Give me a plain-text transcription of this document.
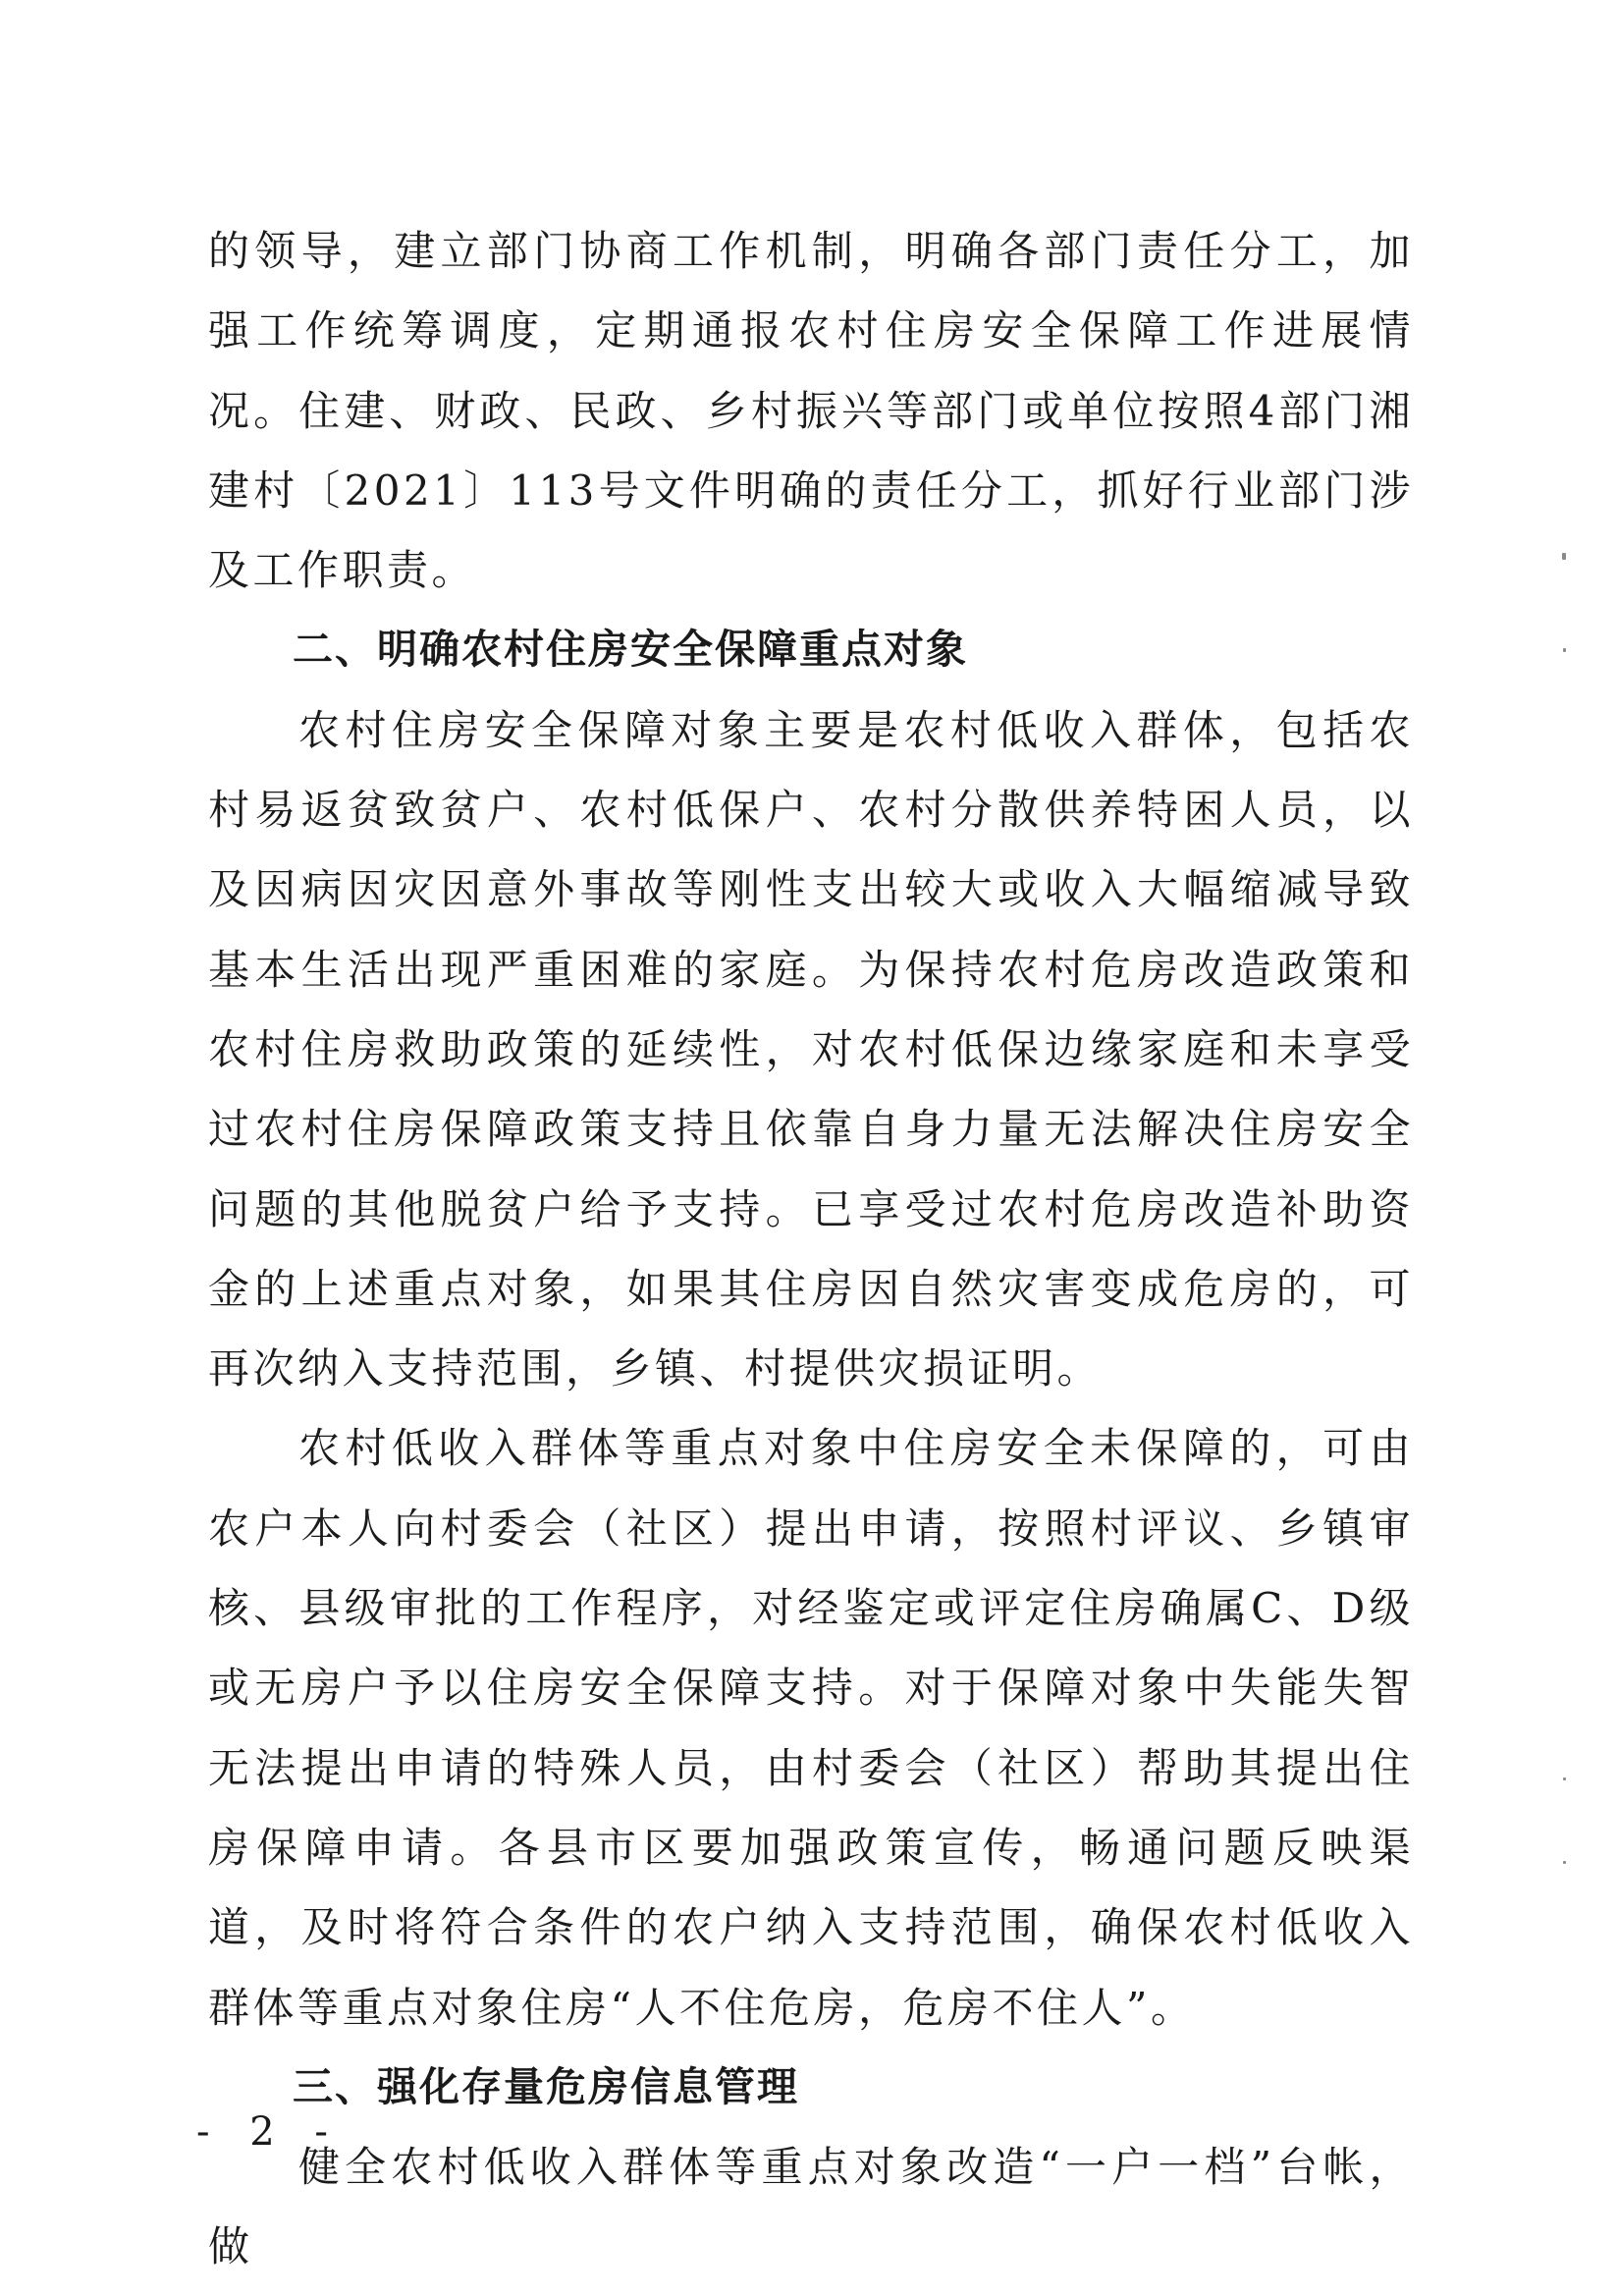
的领导，建立部门协商工作机制，明确各部门责任分工，加强工作统筹调度，定期通报农村住房安全保障工作进展情况。住建、财政、民政、乡村振兴等部门或单位按照4部门湘建村〔2021〕113号文件明确的责任分工，抓好行业部门涉及工作职责。

二、明确农村住房安全保障重点对象

农村住房安全保障对象主要是农村低收入群体，包括农村易返贫致贫户、农村低保户、农村分散供养特困人员，以及因病因灾因意外事故等刚性支出较大或收入大幅缩减导致基本生活出现严重困难的家庭。为保持农村危房改造政策和农村住房救助政策的延续性，对农村低保边缘家庭和未享受过农村住房保障政策支持且依靠自身力量无法解决住房安全问题的其他脱贫户给予支持。已享受过农村危房改造补助资金的上述重点对象，如果其住房因自然灾害变成危房的，可再次纳入支持范围，乡镇、村提供灾损证明。

农村低收入群体等重点对象中住房安全未保障的，可由农户本人向村委会（社区）提出申请，按照村评议、乡镇审核、县级审批的工作程序，对经鉴定或评定住房确属C、D级或无房户予以住房安全保障支持。对于保障对象中失能失智无法提出申请的特殊人员，由村委会（社区）帮助其提出住房保障申请。各县市区要加强政策宣传，畅通问题反映渠道，及时将符合条件的农户纳入支持范围，确保农村低收入群体等重点对象住房“人不住危房，危房不住人”。

三、强化存量危房信息管理

健全农村低收入群体等重点对象改造“一户一档”台帐，做

- 2 -
